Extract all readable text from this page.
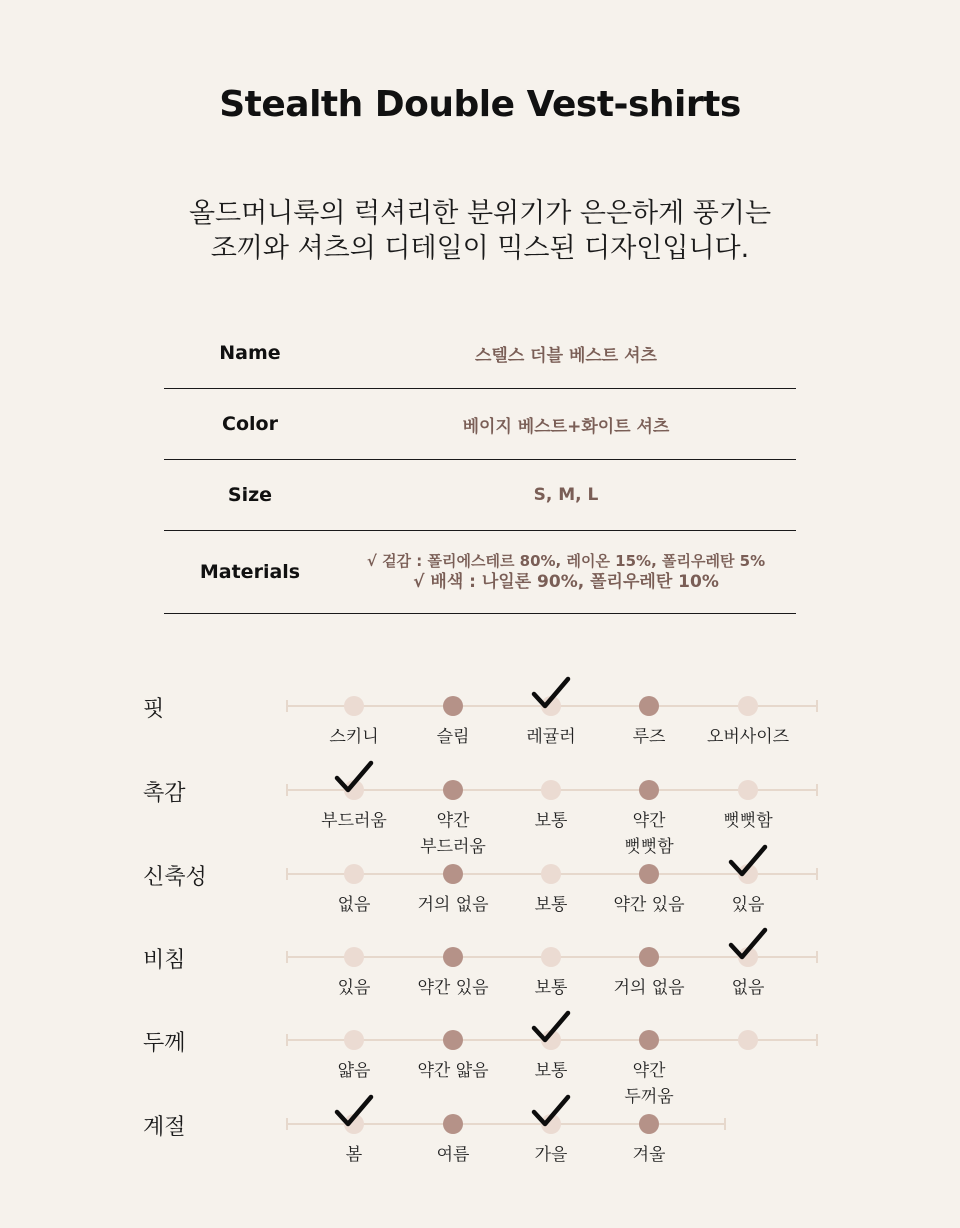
Stealth Double Vest-shirts
올드머니룩의 럭셔리한 분위기가 은은하게 풍기는
조끼와 셔츠의 디테일이 믹스된 디자인입니다.
Name	스텔스 더블 베스트 셔츠
Color	베이지 베스트+화이트 셔츠
Size	S, M, L
Materials	√ 겉감 : 폴리에스테르 80%, 레이온 15%, 폴리우레탄 5%
√ 배색 : 나일론 90%, 폴리우레탄 10%
핏
스키니	슬림	레귤러	루즈	오버사이즈
촉감
부드러움	약간
부드러움
보통	약간
뻣뻣함
뻣뻣함
신축성
없음	거의 없음	보통	약간 있음	있음
비침
있음	약간 있음	보통	거의 없음	없음
두께
얇음	약간 얇음	보통	약간
두꺼움
계절
봄	여름	가을	겨울
